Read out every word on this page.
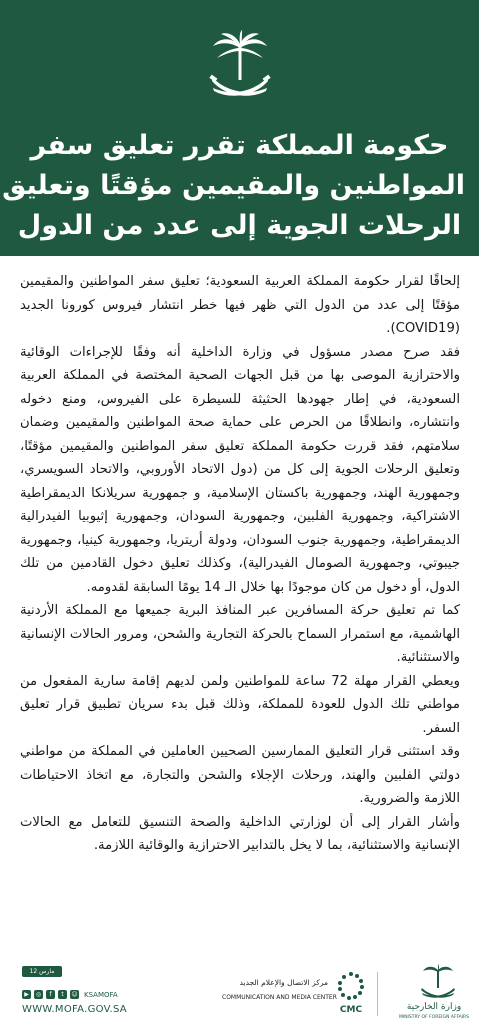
حكومة المملكة تقرر تعليق سفر
المواطنين والمقيمين مؤقتًا وتعليق
الرحلات الجوية إلى عدد من الدول

إلحاقًا لقرار حكومة المملكة العربية السعودية؛ تعليق سفر المواطنين والمقيمين مؤقتًا إلى عدد من الدول التي ظهر فيها خطر انتشار فيروس كورونا الجديد (COVID19).

فقد صرح مصدر مسؤول في وزارة الداخلية أنه وفقًا للإجراءات الوقائية والاحترازية الموصى بها من قبل الجهات الصحية المختصة في المملكة العربية السعودية، في إطار جهودها الحثيثة للسيطرة على الفيروس، ومنع دخوله وانتشاره، وانطلاقًا من الحرص على حماية صحة المواطنين والمقيمين وضمان سلامتهم، فقد قررت حكومة المملكة تعليق سفر المواطنين والمقيمين مؤقتًا، وتعليق الرحلات الجوية إلى كل من (دول الاتحاد الأوروبي، والاتحاد السويسري، وجمهورية الهند، وجمهورية باكستان الإسلامية، و جمهورية سريلانكا الديمقراطية الاشتراكية، وجمهورية الفلبين، وجمهورية السودان، وجمهورية إثيوبيا الفيدرالية الديمقراطية، وجمهورية جنوب السودان، ودولة أريتريا، وجمهورية كينيا، وجمهورية جيبوتي، وجمهورية الصومال الفيدرالية)، وكذلك تعليق دخول القادمين من تلك الدول، أو دخول من كان موجودًا بها خلال الـ 14 يومًا السابقة لقدومه.

كما تم تعليق حركة المسافرين عبر المنافذ البرية جميعها مع المملكة الأردنية الهاشمية، مع استمرار السماح بالحركة التجارية والشحن، ومرور الحالات الإنسانية والاستثنائية.

ويعطي القرار مهلة 72 ساعة للمواطنين ولمن لديهم إقامة سارية المفعول من مواطني تلك الدول للعودة للمملكة، وذلك قبل بدء سريان تطبيق قرار تعليق السفر.

وقد استثنى قرار التعليق الممارسين الصحيين العاملين في المملكة من مواطني دولتي الفلبين والهند، ورحلات الإجلاء والشحن والتجارة، مع اتخاذ الاحتياطات اللازمة والضرورية.

وأشار القرار إلى أن لوزارتي الداخلية والصحة التنسيق للتعامل مع الحالات الإنسانية والاستثنائية، بما لا يخل بالتدابير الاحترازية والوقائية اللازمة.

12 مارس 2020
▶	◎	f	t	☺ KSAMOFA
WWW.MOFA.GOV.SA
مركز الاتصال والإعلام الجديد
COMMUNICATION AND MEDIA CENTER
CMC	وزارة الخارجية
MINISTRY OF FOREIGN AFFAIRS
